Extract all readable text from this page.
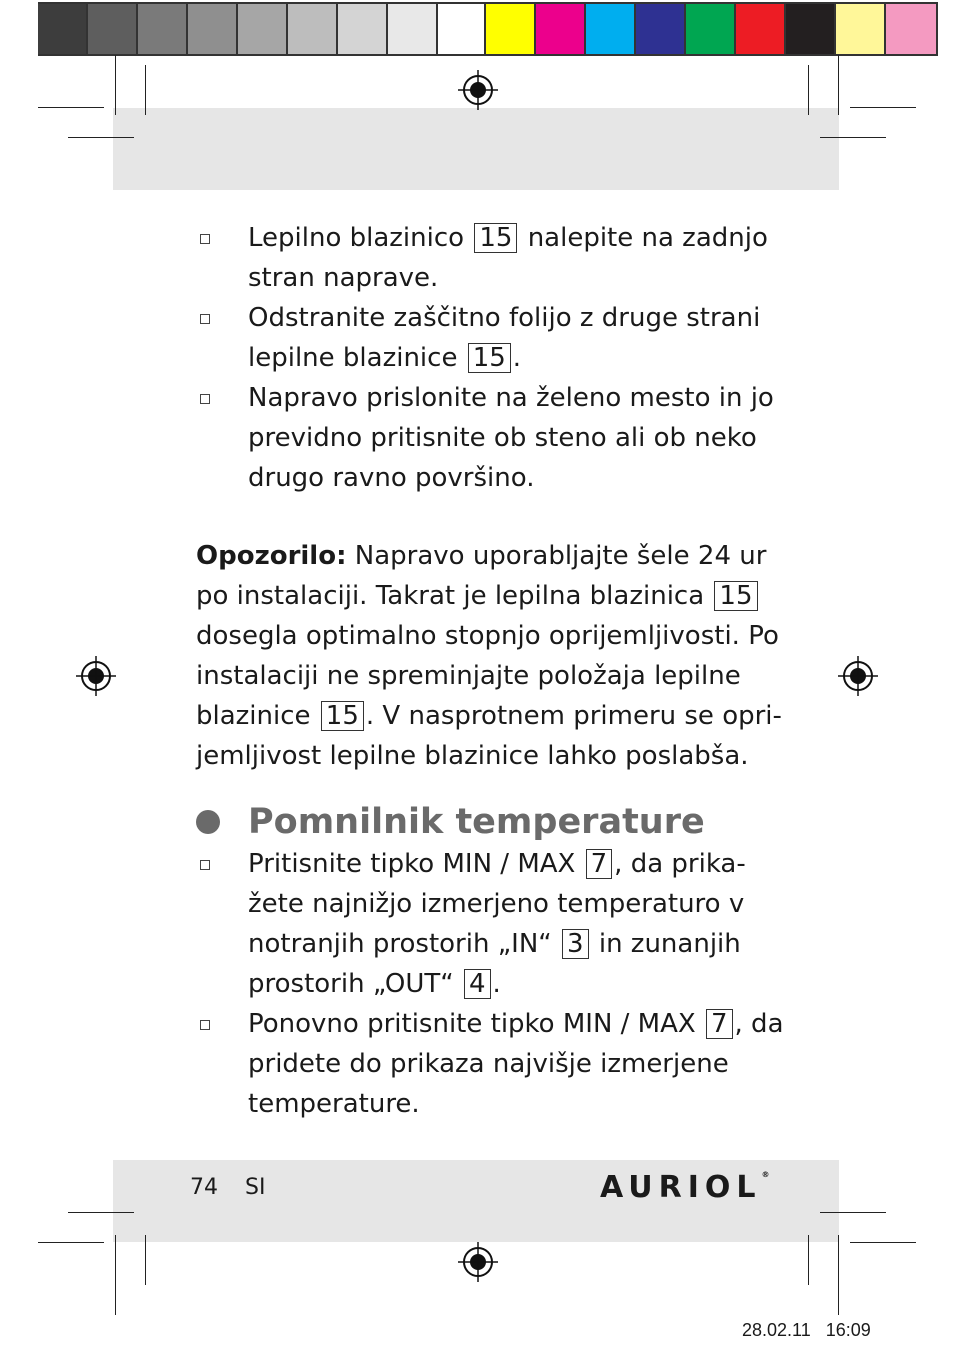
Lepilno blazinico 15 nalepite na zadnjo stran naprave.
Odstranite zaščitno folijo z druge strani lepilne blazinice 15 .
Napravo prislonite na želeno mesto in jo previdno pritisnite ob steno ali ob neko drugo ravno površino.
Opozorilo: Napravo uporabljajte šele 24 ur po instalaciji. Takrat je lepilna blazinica 15 dosegla optimalno stopnjo oprijemljivosti. Po instalaciji ne spreminjajte položaja lepilne blazinice 15 . V nasprotnem primeru se opri-jemljivost lepilne blazinice lahko poslabša.
Pomnilnik temperature
Pritisnite tipko MIN / MAX 7 , da prika-žete najnižjo izmerjeno temperaturo v notranjih prostorih „IN“ 3 in zunanjih prostorih „OUT“ 4 .
Ponovno pritisnite tipko MIN / MAX 7 , da pridete do prikaza najvišje izmerjene temperature.
74 SI	AURIOL®
28.02.11   16:09
